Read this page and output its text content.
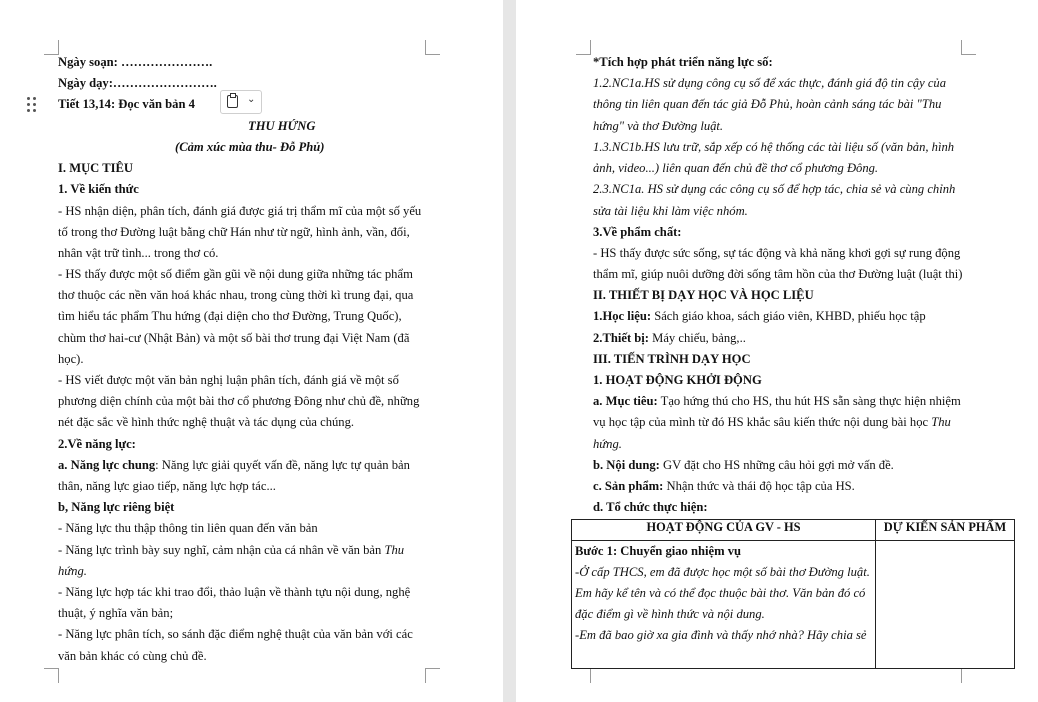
⌄
Ngày soạn: ………………….
Ngày dạy:…………………….
Tiết 13,14: Đọc văn bản 4
THU HỨNG
(Cảm xúc mùa thu- Đỗ Phủ)
I. MỤC TIÊU
1. Về kiến thức
- HS nhận diện, phân tích, đánh giá được giá trị thẩm mĩ của một số yếu
tố trong thơ Đường luật bằng chữ Hán như từ ngữ, hình ảnh, vần, đối,
nhân vật trữ tình... trong thơ có.
- HS thấy được một số điểm gần gũi về nội dung giữa những tác phẩm
thơ thuộc các nền văn hoá khác nhau, trong cùng thời kì trung đại, qua
tìm hiểu tác phẩm Thu hứng (đại diện cho thơ Đường, Trung Quốc),
chùm thơ hai-cư (Nhật Bản) và một số bài thơ trung đại Việt Nam (đã
học).
- HS viết được một văn bản nghị luận phân tích, đánh giá về một số
phương diện chính của một bài thơ cổ phương Đông như chủ đề, những
nét đặc sắc về hình thức nghệ thuật và tác dụng của chúng.
2.Về năng lực:
a. Năng lực chung: Năng lực giải quyết vấn đề, năng lực tự quản bản
thân, năng lực giao tiếp, năng lực hợp tác...
b, Năng lực riêng biệt
- Năng lực thu thập thông tin liên quan đến văn bản
- Năng lực trình bày suy nghĩ, cảm nhận của cá nhân về văn bản Thu
hứng.
- Năng lực hợp tác khi trao đổi, thảo luận về thành tựu nội dung, nghệ
thuật, ý nghĩa văn bản;
- Năng lực phân tích, so sánh đặc điểm nghệ thuật của văn bản với các
văn bản khác có cùng chủ đề.
*Tích hợp phát triển năng lực số:
1.2.NC1a.HS sử dụng công cụ số để xác thực, đánh giá độ tin cậy của
thông tin liên quan đến tác giả Đỗ Phủ, hoàn cảnh sáng tác bài "Thu
hứng" và thơ Đường luật.
1.3.NC1b.HS lưu trữ, sắp xếp có hệ thống các tài liệu số (văn bản, hình
ảnh, video...) liên quan đến chủ đề thơ cổ phương Đông.
2.3.NC1a. HS sử dụng các công cụ số để hợp tác, chia sẻ và cùng chỉnh
sửa tài liệu khi làm việc nhóm.
3.Về phẩm chất:
- HS thấy được sức sống, sự tác động và khả năng khơi gợi sự rung động
thẩm mĩ, giúp nuôi dưỡng đời sống tâm hồn của thơ Đường luật (luật thi)
II. THIẾT BỊ DẠY HỌC VÀ HỌC LIỆU
1.Học liệu: Sách giáo khoa, sách giáo viên, KHBD, phiếu học tập
2.Thiết bị: Máy chiếu, bảng,..
III. TIẾN TRÌNH DẠY HỌC
1. HOẠT ĐỘNG KHỞI ĐỘNG
a. Mục tiêu: Tạo hứng thú cho HS, thu hút HS sẵn sàng thực hiện nhiệm
vụ học tập của mình từ đó HS khắc sâu kiến thức nội dung bài học Thu
hứng.
b. Nội dung: GV đặt cho HS những câu hỏi gợi mở vấn đề.
c. Sản phẩm: Nhận thức và thái độ học tập của HS.
d. Tổ chức thực hiện:
HOẠT ĐỘNG CỦA GV - HS	DỰ KIẾN SẢN PHẨM

Bước 1: Chuyển giao nhiệm vụ
-Ở cấp THCS, em đã được học một số bài thơ Đường luật.
Em hãy kể tên và có thể đọc thuộc bài thơ. Văn bản đó có
đặc điểm gì về hình thức và nội dung.
-Em đã bao giờ xa gia đình và thấy nhớ nhà? Hãy chia sẻ	
